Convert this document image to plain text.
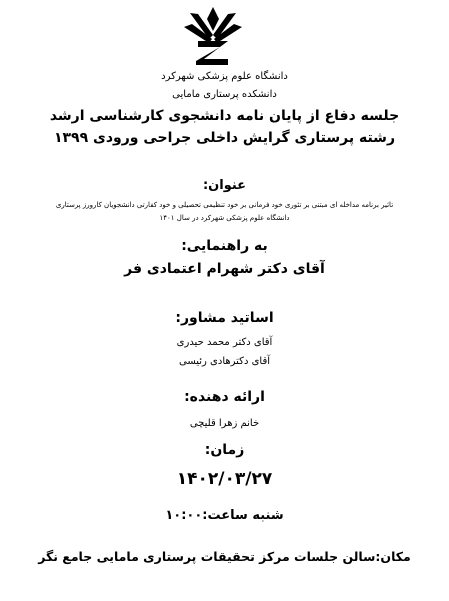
دانشگاه علوم پزشکی شهرکرد
دانشکده پرستاری مامایی
جلسه دفاع از پایان نامه دانشجوی کارشناسی ارشد
رشته پرستاری گرایش داخلی جراحی ورودی ۱۳۹۹
عنوان:
تاثیر برنامه مداخله ای مبتنی بر تئوری خود فرمانی بر خود تنظیمی تحصیلی و خود کفارتی دانشجویان کارورز پرستاری
دانشگاه علوم پزشکی شهرکرد در سال ۱۴۰۱
به راهنمایی:
آقای دکتر شهرام اعتمادی فر
اساتید مشاور:
آقای دکتر محمد حیدری
آقای دکترهادی رئیسی
ارائه دهنده:
خانم زهرا قلیچی
زمان:
۱۴۰۲/۰۳/۲۷
شنبه ساعت:۱۰:۰۰
مکان:سالن جلسات مرکز تحقیقات پرستاری مامایی جامع نگر
